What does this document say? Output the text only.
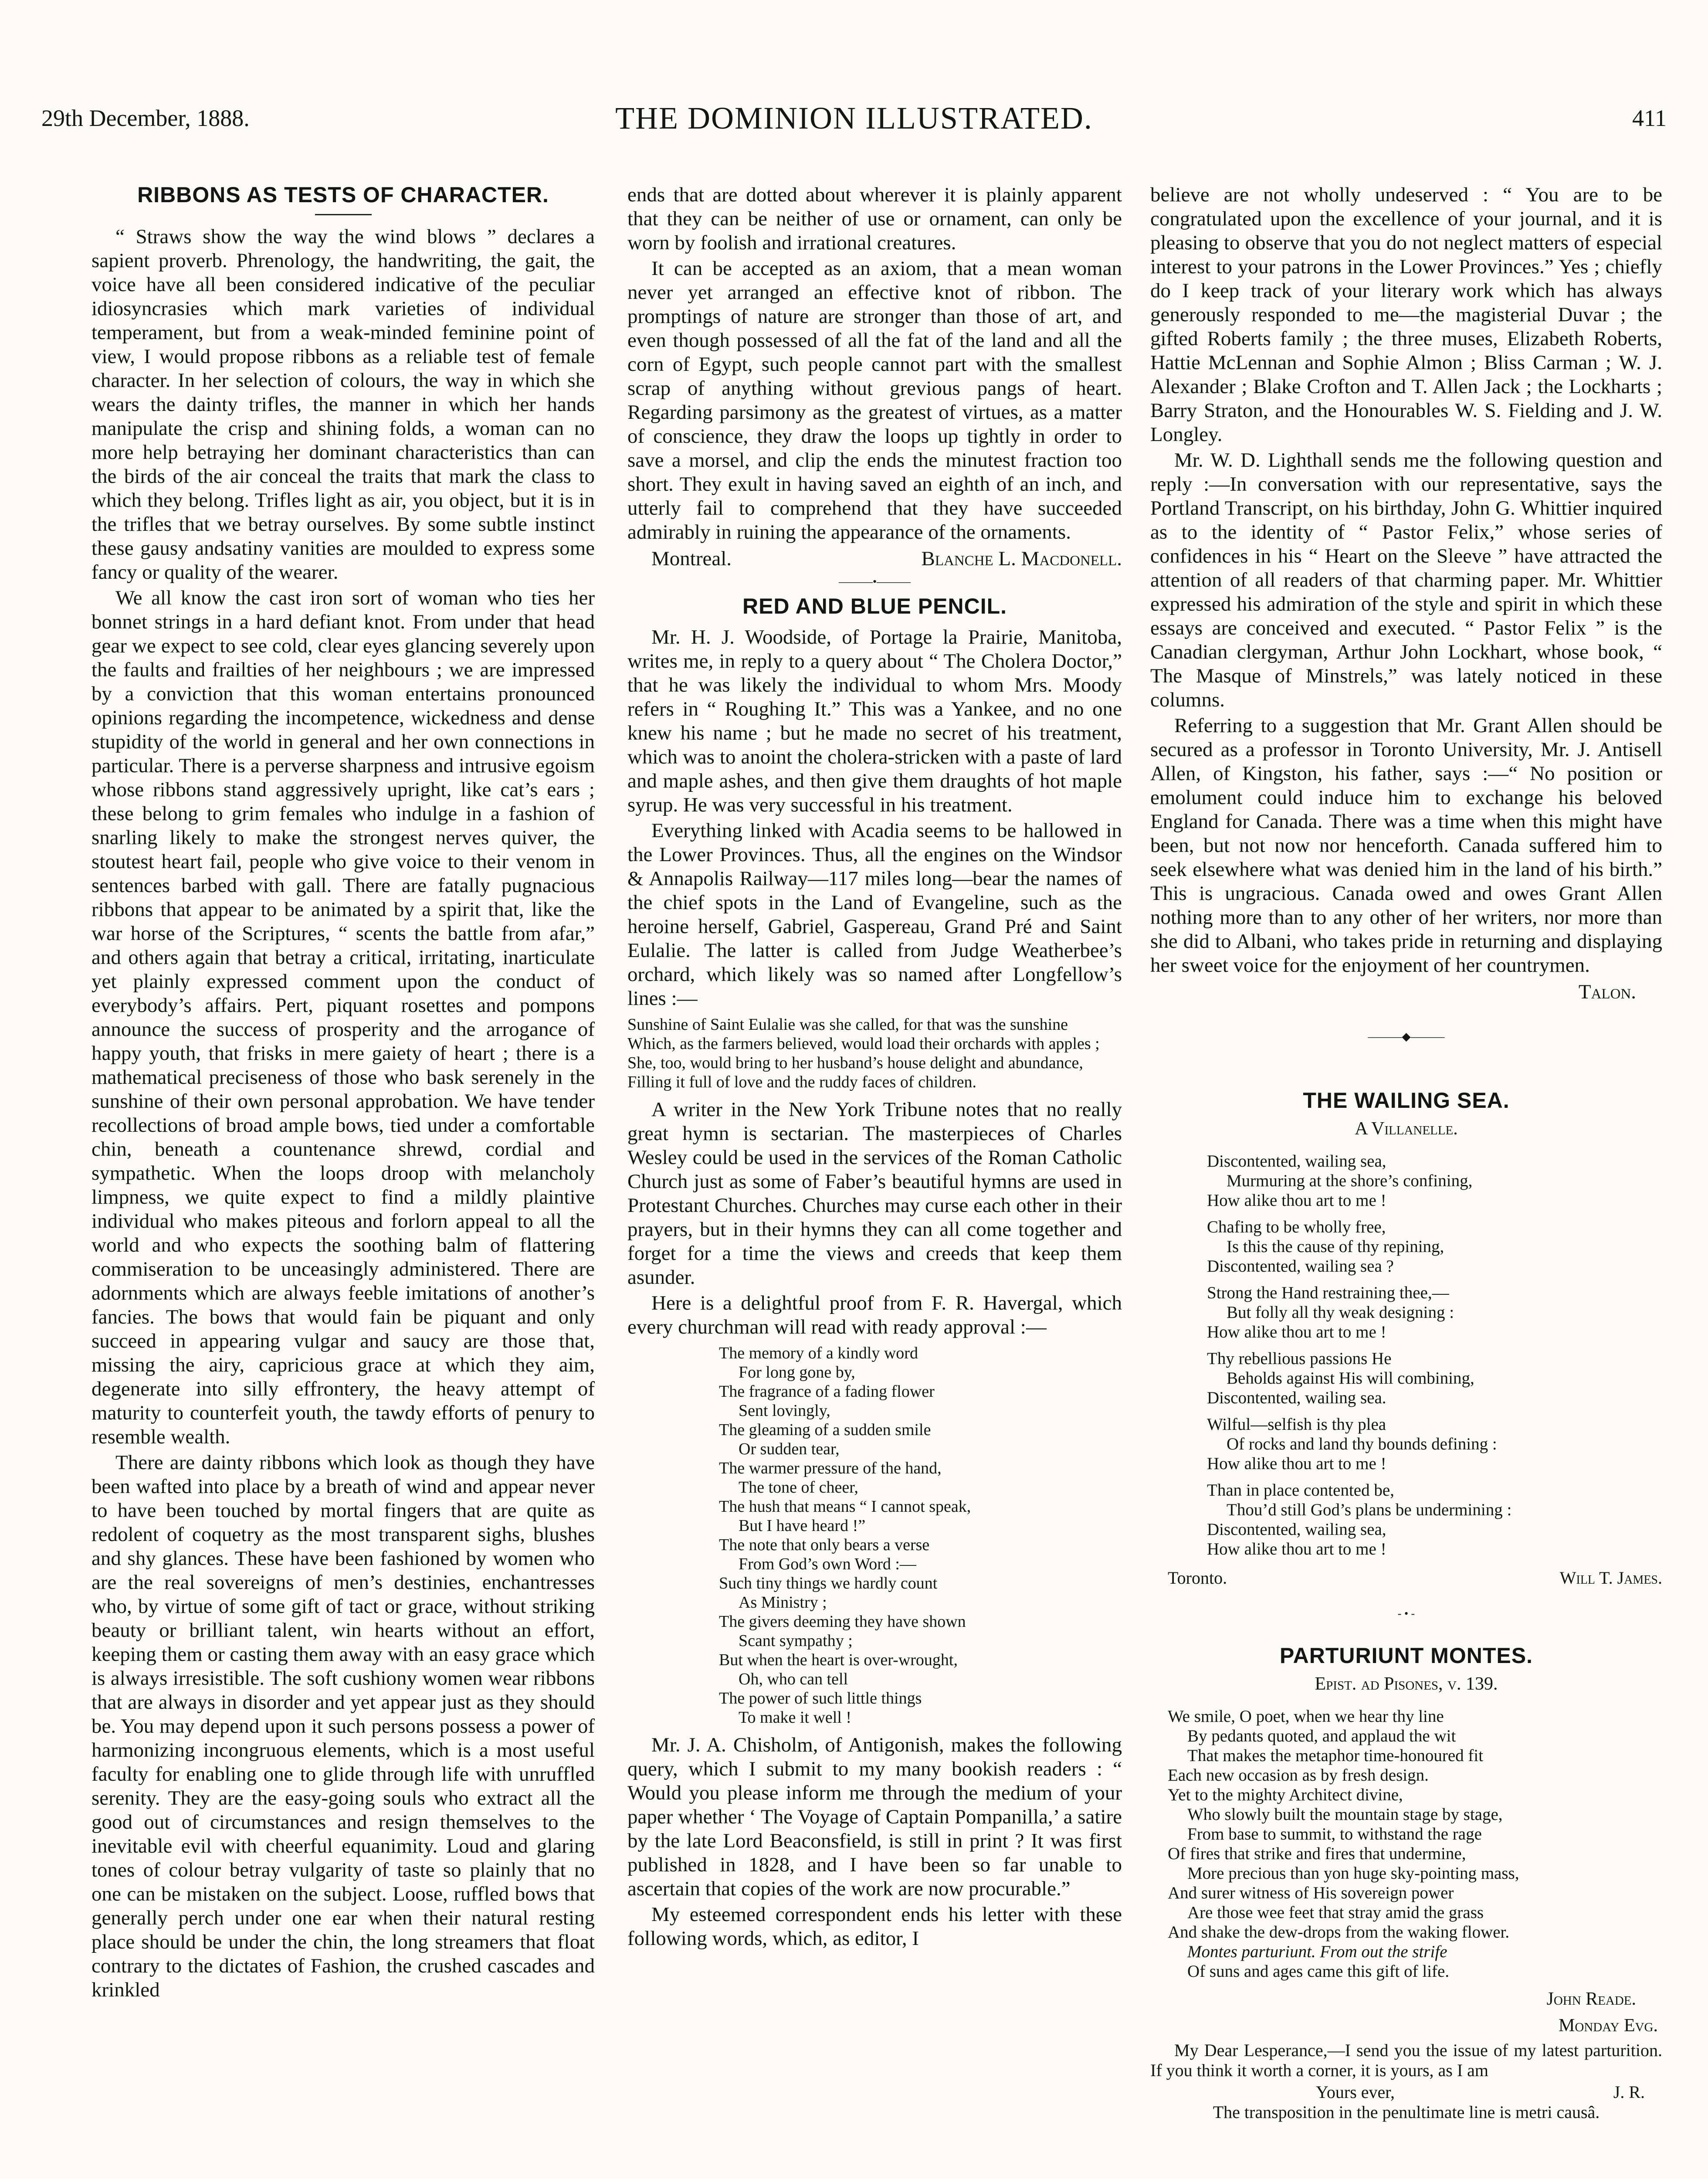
29th December, 1888.	THE DOMINION ILLUSTRATED.	411
RIBBONS AS TESTS OF CHARACTER.

“ Straws show the way the wind blows ” declares a sapient proverb. Phrenology, the handwriting, the gait, the voice have all been considered indicative of the peculiar idiosyncrasies which mark varieties of individual temperament, but from a weak-minded feminine point of view, I would propose ribbons as a reliable test of female character. In her selection of colours, the way in which she wears the dainty trifles, the manner in which her hands manipulate the crisp and shining folds, a woman can no more help betraying her dominant characteristics than can the birds of the air conceal the traits that mark the class to which they belong. Trifles light as air, you object, but it is in the trifles that we betray ourselves. By some subtle instinct these gausy andsatiny vanities are moulded to express some fancy or quality of the wearer.

We all know the cast iron sort of woman who ties her bonnet strings in a hard defiant knot. From under that head gear we expect to see cold, clear eyes glancing severely upon the faults and frailties of her neighbours ; we are impressed by a conviction that this woman entertains pronounced opinions regarding the incompetence, wickedness and dense stupidity of the world in general and her own connections in particular. There is a perverse sharpness and intrusive egoism whose ribbons stand aggressively upright, like cat’s ears ; these belong to grim females who indulge in a fashion of snarling likely to make the strongest nerves quiver, the stoutest heart fail, people who give voice to their venom in sentences barbed with gall. There are fatally pugnacious ribbons that appear to be animated by a spirit that, like the war horse of the Scriptures, “ scents the battle from afar,” and others again that betray a critical, irritating, inarticulate yet plainly expressed comment upon the conduct of everybody’s affairs. Pert, piquant rosettes and pompons announce the success of prosperity and the arrogance of happy youth, that frisks in mere gaiety of heart ; there is a mathematical preciseness of those who bask serenely in the sunshine of their own personal approbation. We have tender recollections of broad ample bows, tied under a comfortable chin, beneath a countenance shrewd, cordial and sympathetic. When the loops droop with melancholy limpness, we quite expect to find a mildly plaintive individual who makes piteous and forlorn appeal to all the world and who expects the soothing balm of flattering commiseration to be unceasingly administered. There are adornments which are always feeble imitations of another’s fancies. The bows that would fain be piquant and only succeed in appearing vulgar and saucy are those that, missing the airy, capricious grace at which they aim, degenerate into silly effrontery, the heavy attempt of maturity to counterfeit youth, the tawdy efforts of penury to resemble wealth.

There are dainty ribbons which look as though they have been wafted into place by a breath of wind and appear never to have been touched by mortal fingers that are quite as redolent of coquetry as the most transparent sighs, blushes and shy glances. These have been fashioned by women who are the real sovereigns of men’s destinies, enchantresses who, by virtue of some gift of tact or grace, without striking beauty or brilliant talent, win hearts without an effort, keeping them or casting them away with an easy grace which is always irresistible. The soft cushiony women wear ribbons that are always in disorder and yet appear just as they should be. You may depend upon it such persons possess a power of harmonizing incongruous elements, which is a most useful faculty for enabling one to glide through life with unruffled serenity. They are the easy-going souls who extract all the good out of circumstances and resign themselves to the inevitable evil with cheerful equanimity. Loud and glaring tones of colour betray vulgarity of taste so plainly that no one can be mistaken on the subject. Loose, ruffled bows that generally perch under one ear when their natural resting place should be under the chin, the long streamers that float contrary to the dictates of Fashion, the crushed cascades and krinkled

ends that are dotted about wherever it is plainly apparent that they can be neither of use or ornament, can only be worn by foolish and irrational creatures.

It can be accepted as an axiom, that a mean woman never yet arranged an effective knot of ribbon. The promptings of nature are stronger than those of art, and even though possessed of all the fat of the land and all the corn of Egypt, such people cannot part with the smallest scrap of anything without grevious pangs of heart. Regarding parsimony as the greatest of virtues, as a matter of conscience, they draw the loops up tightly in order to save a morsel, and clip the ends the minutest fraction too short. They exult in having saved an eighth of an inch, and utterly fail to comprehend that they have succeeded admirably in ruining the appearance of the ornaments.

Montreal.	Blanche L. Macdonell.
———•———
RED AND BLUE PENCIL.

Mr. H. J. Woodside, of Portage la Prairie, Manitoba, writes me, in reply to a query about “ The Cholera Doctor,” that he was likely the individual to whom Mrs. Moody refers in “ Roughing It.” This was a Yankee, and no one knew his name ; but he made no secret of his treatment, which was to anoint the cholera-stricken with a paste of lard and maple ashes, and then give them draughts of hot maple syrup. He was very successful in his treatment.

Everything linked with Acadia seems to be hallowed in the Lower Provinces. Thus, all the engines on the Windsor & Annapolis Railway—117 miles long—bear the names of the chief spots in the Land of Evangeline, such as the heroine herself, Gabriel, Gaspereau, Grand Pré and Saint Eulalie. The latter is called from Judge Weatherbee’s orchard, which likely was so named after Longfellow’s lines :—

Sunshine of Saint Eulalie was she called, for that was the sunshine
Which, as the farmers believed, would load their orchards with apples ;
She, too, would bring to her husband’s house delight and abundance,
Filling it full of love and the ruddy faces of children.

A writer in the New York Tribune notes that no really great hymn is sectarian. The masterpieces of Charles Wesley could be used in the services of the Roman Catholic Church just as some of Faber’s beautiful hymns are used in Protestant Churches. Churches may curse each other in their prayers, but in their hymns they can all come together and forget for a time the views and creeds that keep them asunder.

Here is a delightful proof from F. R. Havergal, which every churchman will read with ready approval :—

The memory of a kindly word
For long gone by,
The fragrance of a fading flower
Sent lovingly,
The gleaming of a sudden smile
Or sudden tear,
The warmer pressure of the hand,
The tone of cheer,
The hush that means “ I cannot speak,
But I have heard !”
The note that only bears a verse
From God’s own Word :—
Such tiny things we hardly count
As Ministry ;
The givers deeming they have shown
Scant sympathy ;
But when the heart is over-wrought,
Oh, who can tell
The power of such little things
To make it well !

Mr. J. A. Chisholm, of Antigonish, makes the following query, which I submit to my many bookish readers : “ Would you please inform me through the medium of your paper whether ‘ The Voyage of Captain Pompanilla,’ a satire by the late Lord Beaconsfield, is still in print ? It was first published in 1828, and I have been so far unable to ascertain that copies of the work are now procurable.”

My esteemed correspondent ends his letter with these following words, which, as editor, I

believe are not wholly undeserved : “ You are to be congratulated upon the excellence of your journal, and it is pleasing to observe that you do not neglect matters of especial interest to your patrons in the Lower Provinces.” Yes ; chiefly do I keep track of your literary work which has always generously responded to me—the magisterial Duvar ; the gifted Roberts family ; the three muses, Elizabeth Roberts, Hattie McLennan and Sophie Almon ; Bliss Carman ; W. J. Alexander ; Blake Crofton and T. Allen Jack ; the Lockharts ; Barry Straton, and the Honourables W. S. Fielding and J. W. Longley.

Mr. W. D. Lighthall sends me the following question and reply :—In conversation with our representative, says the Portland Transcript, on his birthday, John G. Whittier inquired as to the identity of “ Pastor Felix,” whose series of confidences in his “ Heart on the Sleeve ” have attracted the attention of all readers of that charming paper. Mr. Whittier expressed his admiration of the style and spirit in which these essays are conceived and executed. “ Pastor Felix ” is the Canadian clergyman, Arthur John Lockhart, whose book, “ The Masque of Minstrels,” was lately noticed in these columns.

Referring to a suggestion that Mr. Grant Allen should be secured as a professor in Toronto University, Mr. J. Antisell Allen, of Kingston, his father, says :—“ No position or emolument could induce him to exchange his beloved England for Canada. There was a time when this might have been, but not now nor henceforth. Canada suffered him to seek elsewhere what was denied him in the land of his birth.” This is ungracious. Canada owed and owes Grant Allen nothing more than to any other of her writers, nor more than she did to Albani, who takes pride in returning and displaying her sweet voice for the enjoyment of her countrymen.

Talon.
———◆———
THE WAILING SEA.
A Villanelle.
Discontented, wailing sea,
Murmuring at the shore’s confining,
How alike thou art to me !
Chafing to be wholly free,
Is this the cause of thy repining,
Discontented, wailing sea ?
Strong the Hand restraining thee,—
But folly all thy weak designing :
How alike thou art to me !
Thy rebellious passions He
Beholds against His will combining,
Discontented, wailing sea.
Wilful—selfish is thy plea
Of rocks and land thy bounds defining :
How alike thou art to me !
Than in place contented be,
Thou’d still God’s plans be undermining :
Discontented, wailing sea,
How alike thou art to me !
Toronto.	Will T. James.
- • -
PARTURIUNT MONTES.
Epist. ad Pisones, v. 139.
We smile, O poet, when we hear thy line
By pedants quoted, and applaud the wit
That makes the metaphor time-honoured fit
Each new occasion as by fresh design.
Yet to the mighty Architect divine,
Who slowly built the mountain stage by stage,
From base to summit, to withstand the rage
Of fires that strike and fires that undermine,
More precious than yon huge sky-pointing mass,
And surer witness of His sovereign power
Are those wee feet that stray amid the grass
And shake the dew-drops from the waking flower.
Montes parturiunt. From out the strife
Of suns and ages came this gift of life.
John Reade.
Monday Evg.

My Dear Lesperance,—I send you the issue of my latest parturition. If you think it worth a corner, it is yours, as I am

Yours ever,	J. R.
The transposition in the penultimate line is metri causâ.
